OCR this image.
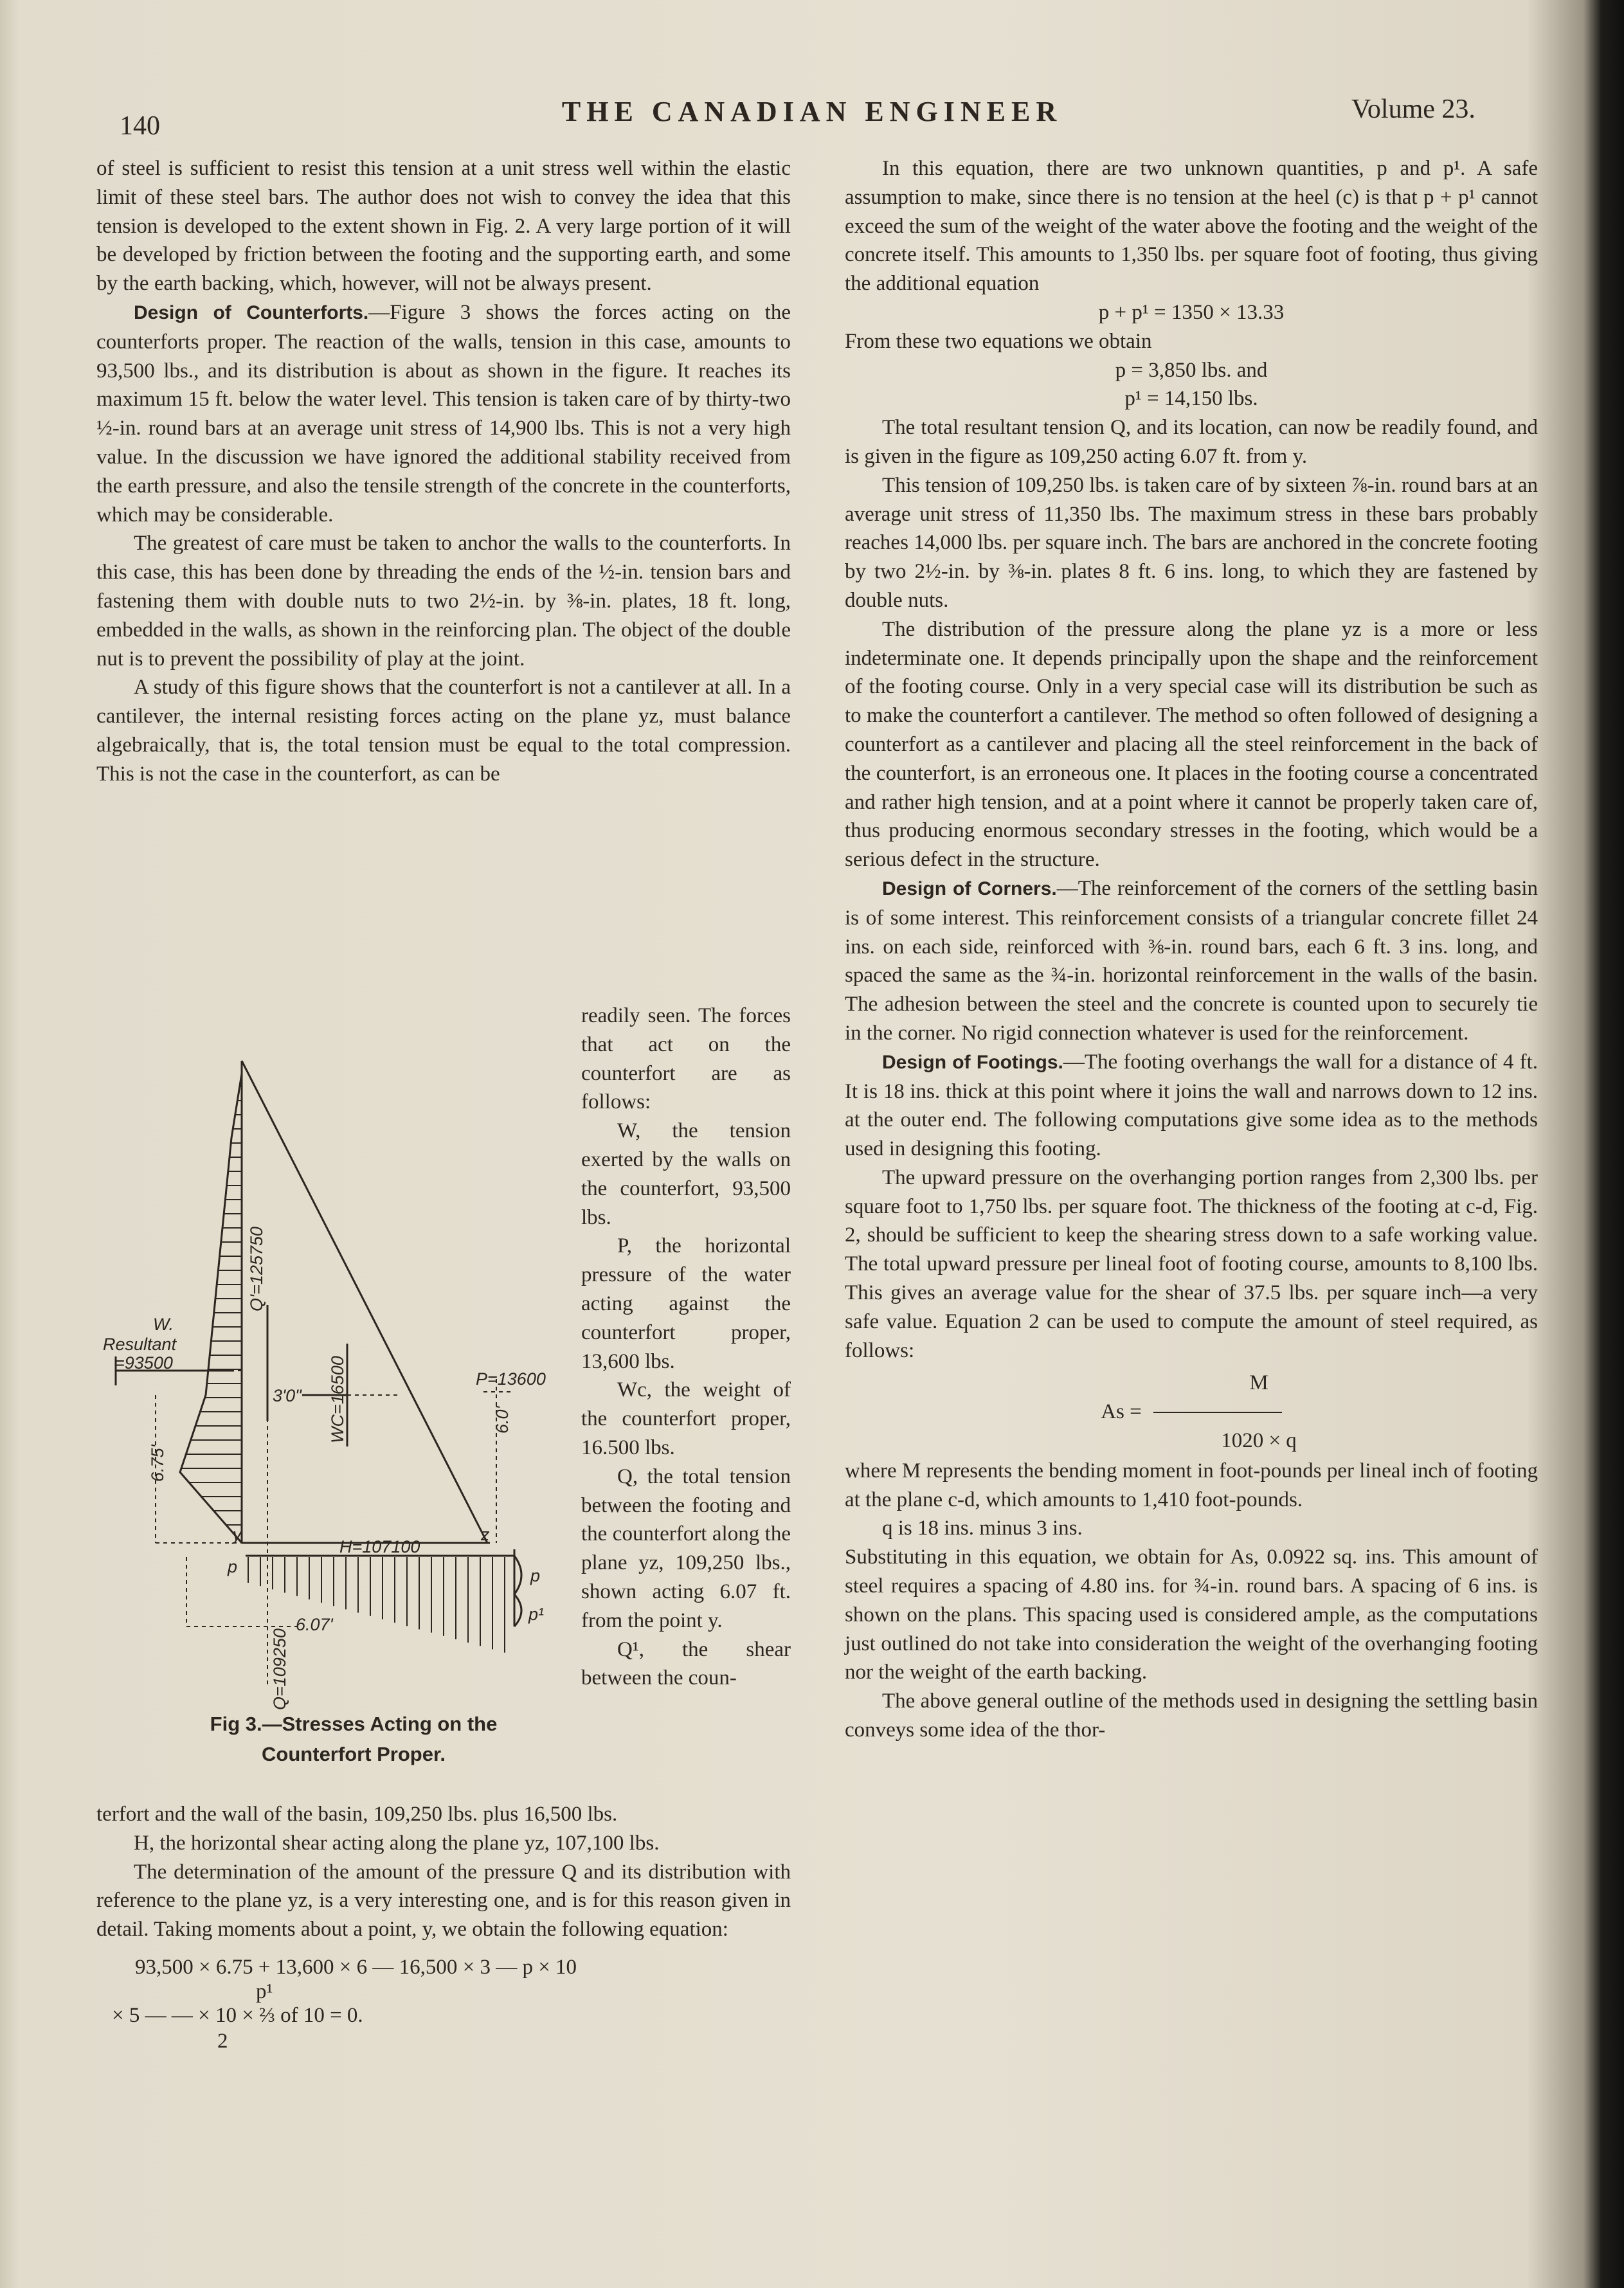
140	THE CANADIAN ENGINEER	Volume 23.

of steel is sufficient to resist this tension at a unit stress well within the elastic limit of these steel bars. The author does not wish to convey the idea that this tension is developed to the extent shown in Fig. 2. A very large portion of it will be developed by friction between the footing and the supporting earth, and some by the earth backing, which, however, will not be always present.

Design of Counterforts.—Figure 3 shows the forces acting on the counterforts proper. The reaction of the walls, tension in this case, amounts to 93,500 lbs., and its distribution is about as shown in the figure. It reaches its maximum 15 ft. below the water level. This tension is taken care of by thirty-two ½-in. round bars at an average unit stress of 14,900 lbs. This is not a very high value. In the discussion we have ignored the additional stability received from the earth pressure, and also the tensile strength of the concrete in the counterforts, which may be considerable.

The greatest of care must be taken to anchor the walls to the counterforts. In this case, this has been done by threading the ends of the ½-in. tension bars and fastening them with double nuts to two 2½-in. by ⅜-in. plates, 18 ft. long, embedded in the walls, as shown in the reinforcing plan. The object of the double nut is to prevent the possibility of play at the joint.

A study of this figure shows that the counterfort is not a cantilever at all. In a cantilever, the internal resisting forces acting on the plane yz, must balance algebraically, that is, the total tension must be equal to the total compression. This is not the case in the counterfort, as can be

W.
Resultant
=93500
P=13600
3'0"
H=107100
y	z
p
6.07'
Q'=125750
WC=16500
6.75'
6.0'
Q=109250
p
p¹
Fig 3.—Stresses Acting on the
Counterfort Proper.

readily seen. The forces that act on the counterfort are as follows:

W, the tension exerted by the walls on the counterfort, 93,500 lbs.

P, the horizontal pressure of the water acting against the counterfort proper, 13,600 lbs.

Wc, the weight of the counterfort proper, 16.500 lbs.

Q, the total tension between the footing and the counterfort along the plane yz, 109,250 lbs., shown acting 6.07 ft. from the point y.

Q¹, the shear between the coun-

terfort and the wall of the basin, 109,250 lbs. plus 16,500 lbs.

H, the horizontal shear acting along the plane yz, 107,100 lbs.

The determination of the amount of the pressure Q and its distribution with reference to the plane yz, is a very interesting one, and is for this reason given in detail. Taking moments about a point, y, we obtain the following equation:

93,500 × 6.75 + 13,600 × 6 — 16,500 × 3 — p × 10

p¹

× 5 — — × 10 × ⅔ of 10 = 0.

2

In this equation, there are two unknown quantities, p and p¹. A safe assumption to make, since there is no tension at the heel (c) is that p + p¹ cannot exceed the sum of the weight of the water above the footing and the weight of the concrete itself. This amounts to 1,350 lbs. per square foot of footing, thus giving the additional equation

p + p¹ = 1350 × 13.33

From these two equations we obtain

p = 3,850 lbs. and

p¹ = 14,150 lbs.

The total resultant tension Q, and its location, can now be readily found, and is given in the figure as 109,250 acting 6.07 ft. from y.

This tension of 109,250 lbs. is taken care of by sixteen ⅞-in. round bars at an average unit stress of 11,350 lbs. The maximum stress in these bars probably reaches 14,000 lbs. per square inch. The bars are anchored in the concrete footing by two 2½-in. by ⅜-in. plates 8 ft. 6 ins. long, to which they are fastened by double nuts.

The distribution of the pressure along the plane yz is a more or less indeterminate one. It depends principally upon the shape and the reinforcement of the footing course. Only in a very special case will its distribution be such as to make the counterfort a cantilever. The method so often followed of designing a counterfort as a cantilever and placing all the steel reinforcement in the back of the counterfort, is an erroneous one. It places in the footing course a concentrated and rather high tension, and at a point where it cannot be properly taken care of, thus producing enormous secondary stresses in the footing, which would be a serious defect in the structure.

Design of Corners.—The reinforcement of the corners of the settling basin is of some interest. This reinforcement consists of a triangular concrete fillet 24 ins. on each side, reinforced with ⅜-in. round bars, each 6 ft. 3 ins. long, and spaced the same as the ¾-in. horizontal reinforcement in the walls of the basin. The adhesion between the steel and the concrete is counted upon to securely tie in the corner. No rigid connection whatever is used for the reinforcement.

Design of Footings.—The footing overhangs the wall for a distance of 4 ft. It is 18 ins. thick at this point where it joins the wall and narrows down to 12 ins. at the outer end. The following computations give some idea as to the methods used in designing this footing.

The upward pressure on the overhanging portion ranges from 2,300 lbs. per square foot to 1,750 lbs. per square foot. The thickness of the footing at c-d, Fig. 2, should be sufficient to keep the shearing stress down to a safe working value. The total upward pressure per lineal foot of footing course, amounts to 8,100 lbs. This gives an average value for the shear of 37.5 lbs. per square inch—a very safe value. Equation 2 can be used to compute the amount of steel required, as follows:

M
As =
1020 × q

where M represents the bending moment in foot-pounds per lineal inch of footing at the plane c-d, which amounts to 1,410 foot-pounds.

q is 18 ins. minus 3 ins.

Substituting in this equation, we obtain for As, 0.0922 sq. ins. This amount of steel requires a spacing of 4.80 ins. for ¾-in. round bars. A spacing of 6 ins. is shown on the plans. This spacing used is considered ample, as the computations just outlined do not take into consideration the weight of the overhanging footing nor the weight of the earth backing.

The above general outline of the methods used in designing the settling basin conveys some idea of the thor-
